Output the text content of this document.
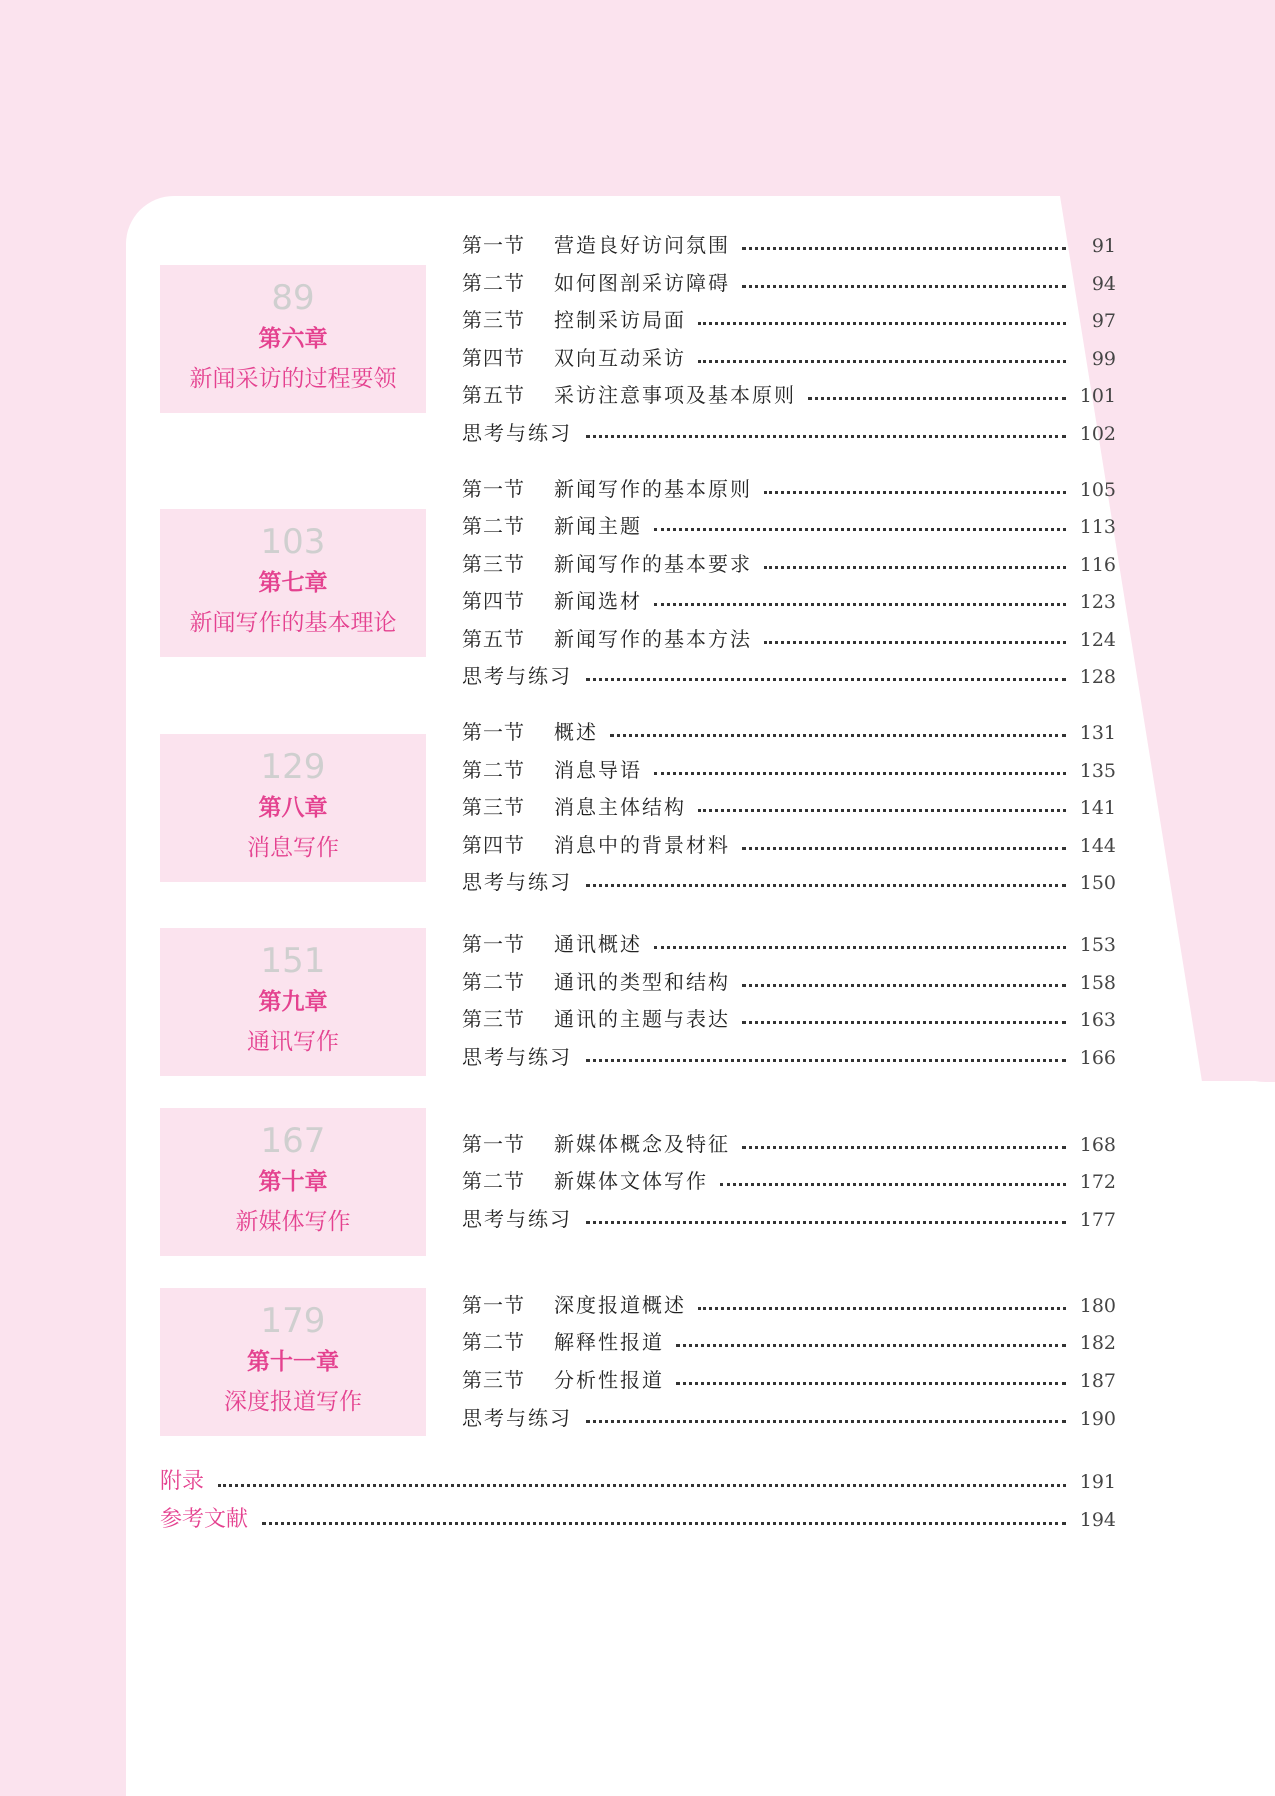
89
第六章
新闻采访的过程要领
第一节	营造良好访问氛围	91
第二节	如何图剖采访障碍	94
第三节	控制采访局面	97
第四节	双向互动采访	99
第五节	采访注意事项及基本原则	101
思考与练习	102
103
第七章
新闻写作的基本理论
第一节	新闻写作的基本原则	105
第二节	新闻主题	113
第三节	新闻写作的基本要求	116
第四节	新闻选材	123
第五节	新闻写作的基本方法	124
思考与练习	128
129
第八章
消息写作
第一节	概述	131
第二节	消息导语	135
第三节	消息主体结构	141
第四节	消息中的背景材料	144
思考与练习	150
151
第九章
通讯写作
第一节	通讯概述	153
第二节	通讯的类型和结构	158
第三节	通讯的主题与表达	163
思考与练习	166
167
第十章
新媒体写作
第一节	新媒体概念及特征	168
第二节	新媒体文体写作	172
思考与练习	177
179
第十一章
深度报道写作
第一节	深度报道概述	180
第二节	解释性报道	182
第三节	分析性报道	187
思考与练习	190
附录	191
参考文献	194
